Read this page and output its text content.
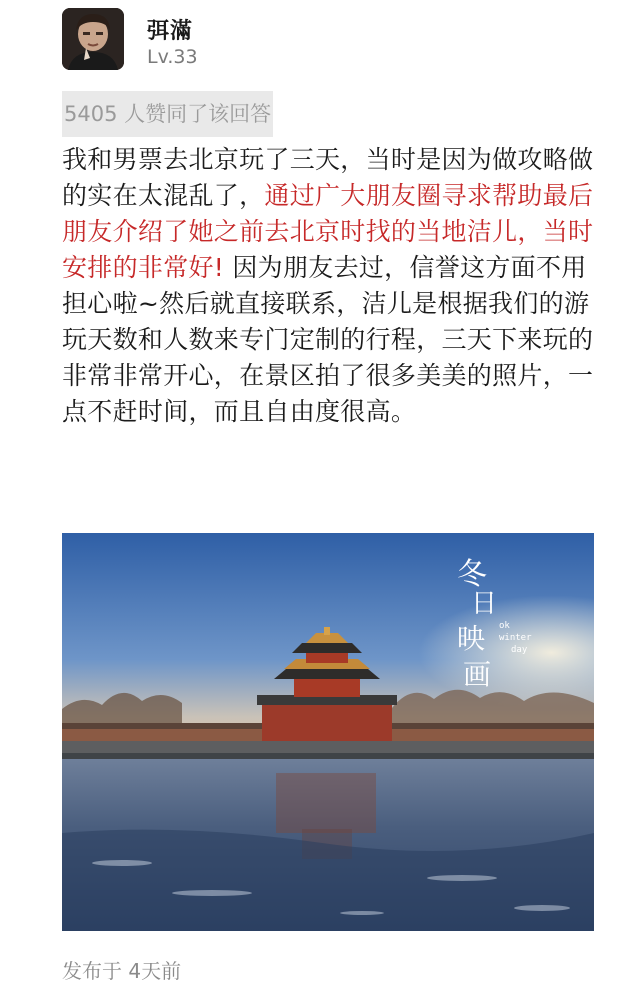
弭滿
Lv.33
5405 人赞同了该回答
我和男票去北京玩了三天，当时是因为做攻略做的实在太混乱了，通过广大朋友圈寻求帮助最后朋友介绍了她之前去北京时找的当地洁儿，当时安排的非常好! 因为朋友去过，信誉这方面不用担心啦~然后就直接联系，洁儿是根据我们的游玩天数和人数来专门定制的行程，三天下来玩的非常非常开心，在景区拍了很多美美的照片，一点不赶时间，而且自由度很高。
冬
日
映
画
ok
winter
day
发布于 4天前
